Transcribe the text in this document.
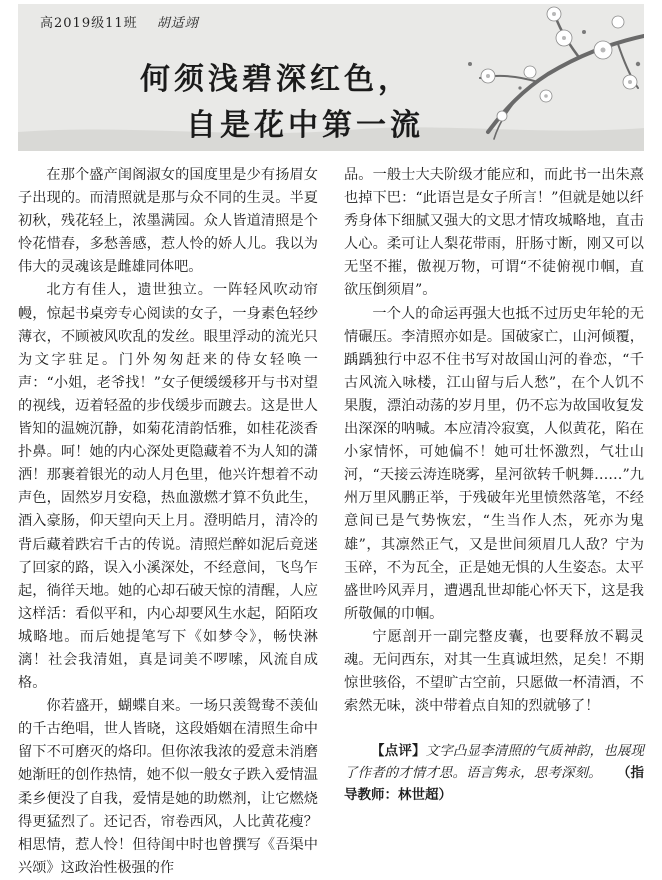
高2019级11班 胡适翊
何须浅碧深红色，
自是花中第一流

在那个盛产闺阁淑女的国度里是少有扬眉女子出现的。而清照就是那与众不同的生灵。半夏初秋，残花轻上，浓墨满园。众人皆道清照是个怜花惜春，多愁善感，惹人怜的娇人儿。我以为伟大的灵魂该是雌雄同体吧。

北方有佳人，遗世独立。一阵轻风吹动帘幔，惊起书桌旁专心阅读的女子，一身素色轻纱薄衣，不顾被风吹乱的发丝。眼里浮动的流光只为文字驻足。门外匆匆赶来的侍女轻唤一声：“小姐，老爷找！”女子便缓缓移开与书对望的视线，迈着轻盈的步伐缓步而踱去。这是世人皆知的温婉沉静，如菊花清韵恬雅，如桂花淡香扑鼻。呵！她的内心深处更隐藏着不为人知的潇洒！那裹着银光的动人月色里，他兴许想着不动声色，固然岁月安稳，热血激燃才算不负此生，酒入豪肠，仰天望向天上月。澄明皓月，清冷的背后藏着跌宕千古的传说。清照烂醉如泥后竟迷了回家的路，误入小溪深处，不经意间，飞鸟乍起，徜徉天地。她的心却石破天惊的清醒，人应这样活：看似平和，内心却要风生水起，陌陌攻城略地。而后她提笔写下《如梦令》，畅快淋漓！社会我清姐，真是词美不啰嗦，风流自成格。

你若盛开，蝴蝶自来。一场只羡鸳鸯不羡仙的千古绝唱，世人皆晓，这段婚姻在清照生命中留下不可磨灭的烙印。但你浓我浓的爱意未消磨她渐旺的创作热情，她不似一般女子跌入爱情温柔乡便没了自我，爱情是她的助燃剂，让它燃烧得更猛烈了。还记否，帘卷西风，人比黄花瘦？相思情，惹人怜！但待闺中时也曾撰写《吾渠中兴颂》这政治性极强的作

品。一般士大夫阶级才能应和，而此书一出朱熹也掉下巴：“此语岂是女子所言！”但就是她以纤秀身体下细腻又强大的文思才情攻城略地，直击人心。柔可让人梨花带雨，肝肠寸断，刚又可以无坚不摧，傲视万物，可谓“不徒俯视巾帼，直欲压倒须眉”。

一个人的命运再强大也抵不过历史年轮的无情碾压。李清照亦如是。国破家亡，山河倾覆，踽踽独行中忍不住书写对故国山河的眷恋，“千古风流入咏楼，江山留与后人愁”，在个人饥不果腹，漂泊动荡的岁月里，仍不忘为故国收复发出深深的呐喊。本应清冷寂寞，人似黄花，陷在小家情怀，可她偏不！她可壮怀激烈，气壮山河，“天接云涛连晓雾，星河欲转千帆舞……”九州万里风鹏正举，于残破年光里愤然落笔，不经意间已是气势恢宏，“生当作人杰，死亦为鬼雄”，其凛然正气，又是世间须眉几人敌？宁为玉碎，不为瓦全，正是她无惧的人生姿态。太平盛世吟风弄月，遭遇乱世却能心怀天下，这是我所敬佩的巾帼。

宁愿剖开一副完整皮囊，也要释放不羁灵魂。无问西东，对其一生真诚坦然，足矣！不期惊世骇俗，不望旷古空前，只愿做一杯清酒，不索然无味，淡中带着点自知的烈就够了！

【点评】文字凸显李清照的气质神韵，也展现了作者的才情才思。语言隽永，思考深刻。 （指导教师：林世超）
